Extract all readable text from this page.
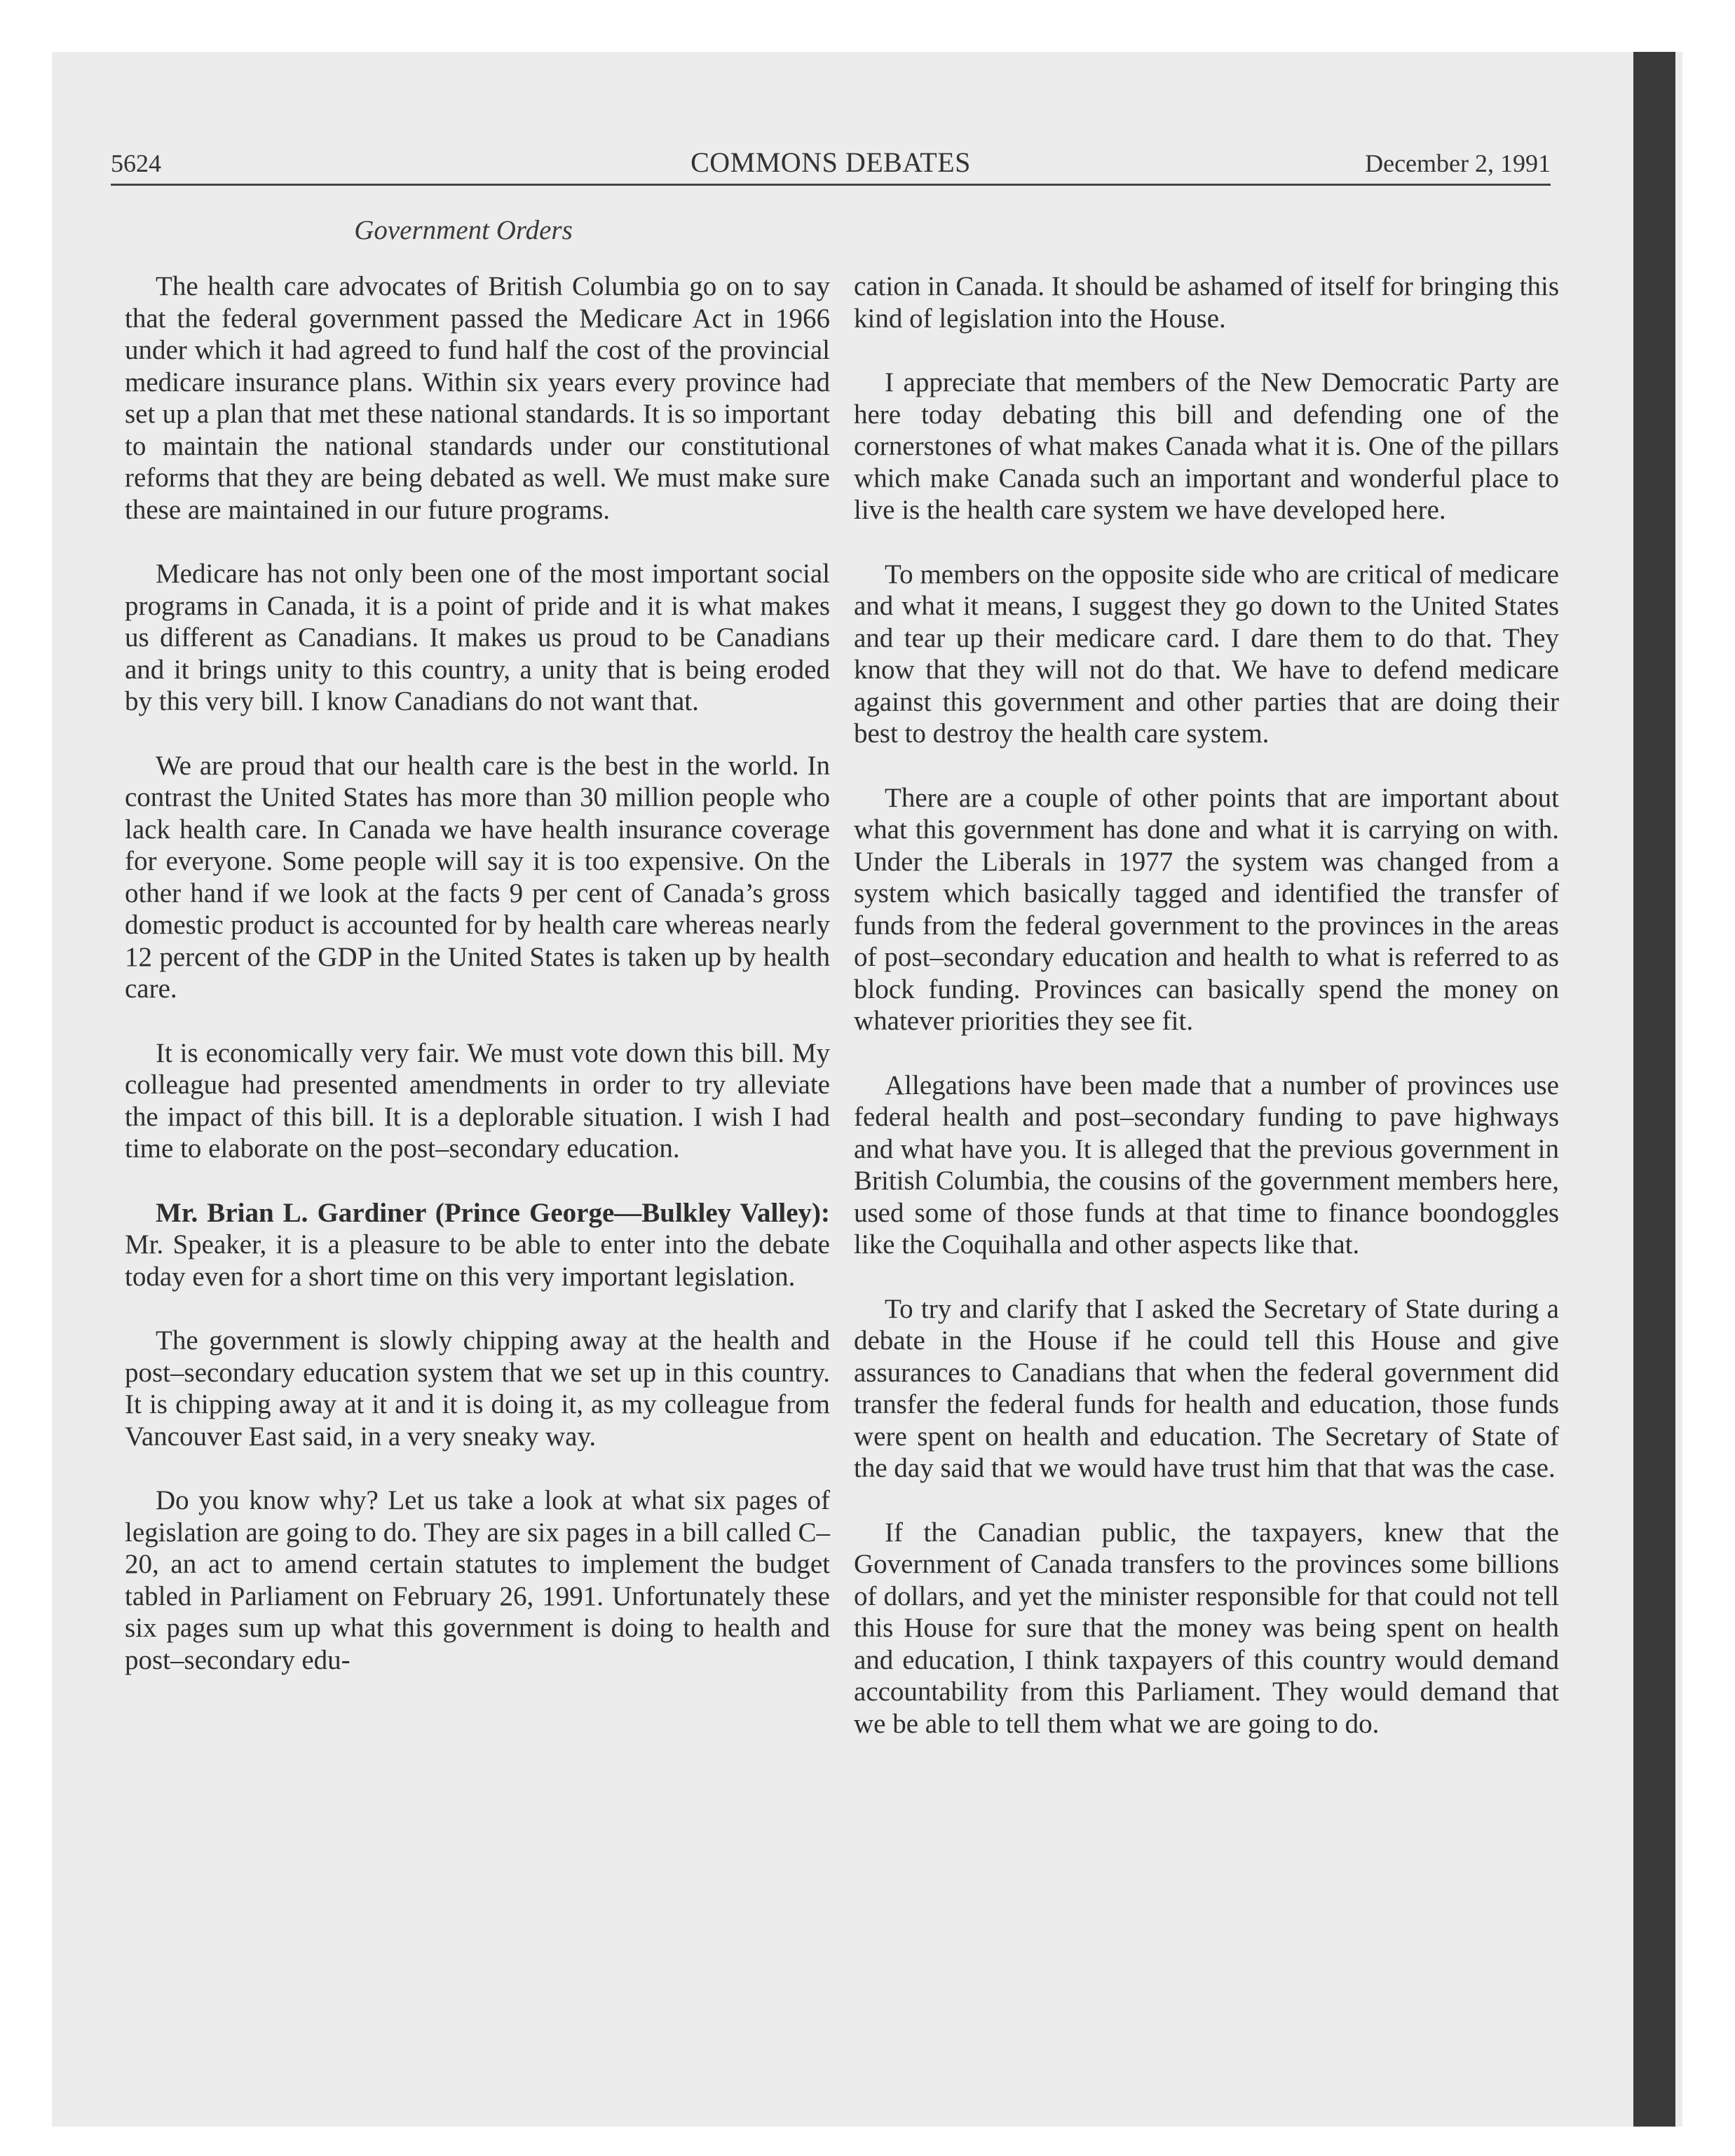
5624	COMMONS DEBATES	December 2, 1991
Government Orders

The health care advocates of British Columbia go on to say that the federal government passed the Medicare Act in 1966 under which it had agreed to fund half the cost of the provincial medicare insurance plans. Within six years every province had set up a plan that met these national standards. It is so important to maintain the national standards under our constitutional reforms that they are being debated as well. We must make sure these are maintained in our future programs.

Medicare has not only been one of the most important social programs in Canada, it is a point of pride and it is what makes us different as Canadians. It makes us proud to be Canadians and it brings unity to this country, a unity that is being eroded by this very bill. I know Canadians do not want that.

We are proud that our health care is the best in the world. In contrast the United States has more than 30 million people who lack health care. In Canada we have health insurance coverage for everyone. Some people will say it is too expensive. On the other hand if we look at the facts 9 per cent of Canada’s gross domestic product is accounted for by health care whereas nearly 12 percent of the GDP in the United States is taken up by health care.

It is economically very fair. We must vote down this bill. My colleague had presented amendments in order to try alleviate the impact of this bill. It is a deplorable situation. I wish I had time to elaborate on the post–secondary education.

Mr. Brian L. Gardiner (Prince George—Bulkley Valley): Mr. Speaker, it is a pleasure to be able to enter into the debate today even for a short time on this very important legislation.

The government is slowly chipping away at the health and post–secondary education system that we set up in this country. It is chipping away at it and it is doing it, as my colleague from Vancouver East said, in a very sneaky way.

Do you know why? Let us take a look at what six pages of legislation are going to do. They are six pages in a bill called C–20, an act to amend certain statutes to implement the budget tabled in Parliament on February 26, 1991. Unfortunately these six pages sum up what this government is doing to health and post–secondary edu-

cation in Canada. It should be ashamed of itself for bringing this kind of legislation into the House.

I appreciate that members of the New Democratic Party are here today debating this bill and defending one of the cornerstones of what makes Canada what it is. One of the pillars which make Canada such an important and wonderful place to live is the health care system we have developed here.

To members on the opposite side who are critical of medicare and what it means, I suggest they go down to the United States and tear up their medicare card. I dare them to do that. They know that they will not do that. We have to defend medicare against this government and other parties that are doing their best to destroy the health care system.

There are a couple of other points that are important about what this government has done and what it is carrying on with. Under the Liberals in 1977 the system was changed from a system which basically tagged and identified the transfer of funds from the federal government to the provinces in the areas of post–secondary education and health to what is referred to as block funding. Provinces can basically spend the money on whatever priorities they see fit.

Allegations have been made that a number of provinces use federal health and post–secondary funding to pave highways and what have you. It is alleged that the previous government in British Columbia, the cousins of the government members here, used some of those funds at that time to finance boondoggles like the Coquihalla and other aspects like that.

To try and clarify that I asked the Secretary of State during a debate in the House if he could tell this House and give assurances to Canadians that when the federal government did transfer the federal funds for health and education, those funds were spent on health and education. The Secretary of State of the day said that we would have trust him that that was the case.

If the Canadian public, the taxpayers, knew that the Government of Canada transfers to the provinces some billions of dollars, and yet the minister responsible for that could not tell this House for sure that the money was being spent on health and education, I think taxpayers of this country would demand accountability from this Parliament. They would demand that we be able to tell them what we are going to do.
